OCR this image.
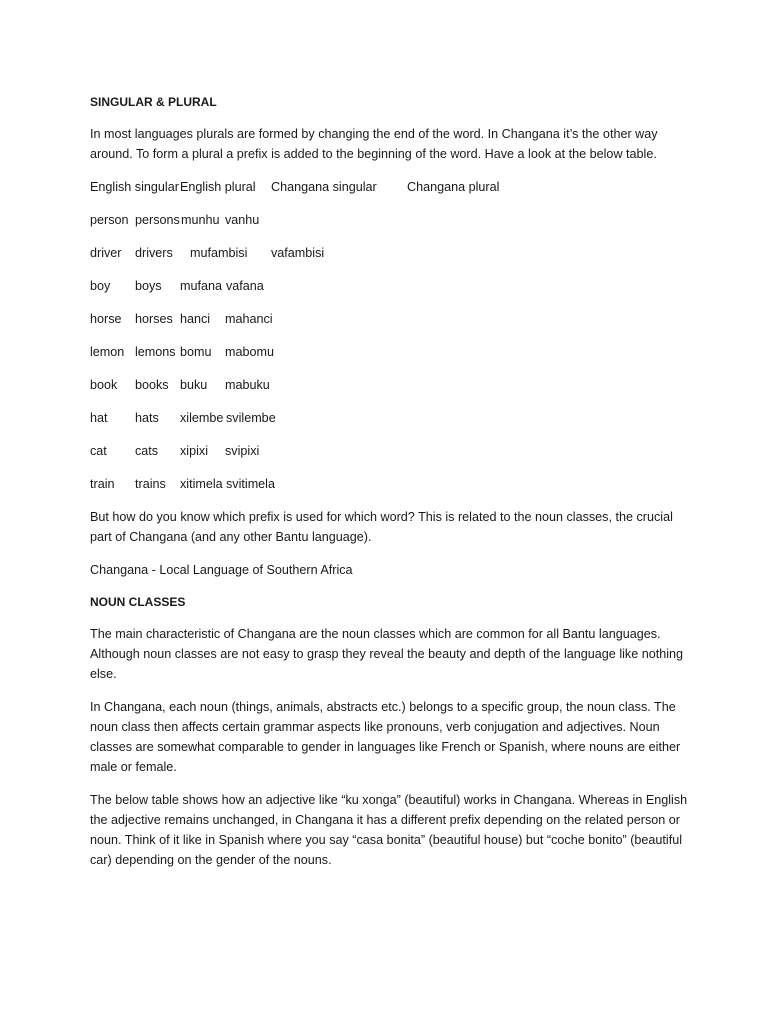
SINGULAR & PLURAL
In most languages plurals are formed by changing the end of the word. In Changana it’s the other way around. To form a plural a prefix is added to the beginning of the word. Have a look at the below table.
English singular English plural Changana singular Changana plural
person persons munhu vanhu
driver drivers mufambisi vafambisi
boy boys mufana vafana
horse horses hanci mahanci
lemon lemons bomu mabomu
book books buku mabuku
hat hats xilembe svilembe
cat cats xipixi svipixi
train trains xitimela svitimela
But how do you know which prefix is used for which word? This is related to the noun classes, the crucial part of Changana (and any other Bantu language).
Changana - Local Language of Southern Africa
NOUN CLASSES
The main characteristic of Changana are the noun classes which are common for all Bantu languages. Although noun classes are not easy to grasp they reveal the beauty and depth of the language like nothing else.
In Changana, each noun (things, animals, abstracts etc.) belongs to a specific group, the noun class. The noun class then affects certain grammar aspects like pronouns, verb conjugation and adjectives. Noun classes are somewhat comparable to gender in languages like French or Spanish, where nouns are either male or female.
The below table shows how an adjective like “ku xonga” (beautiful) works in Changana. Whereas in English the adjective remains unchanged, in Changana it has a different prefix depending on the related person or noun. Think of it like in Spanish where you say “casa bonita” (beautiful house) but “coche bonito” (beautiful car) depending on the gender of the nouns.
